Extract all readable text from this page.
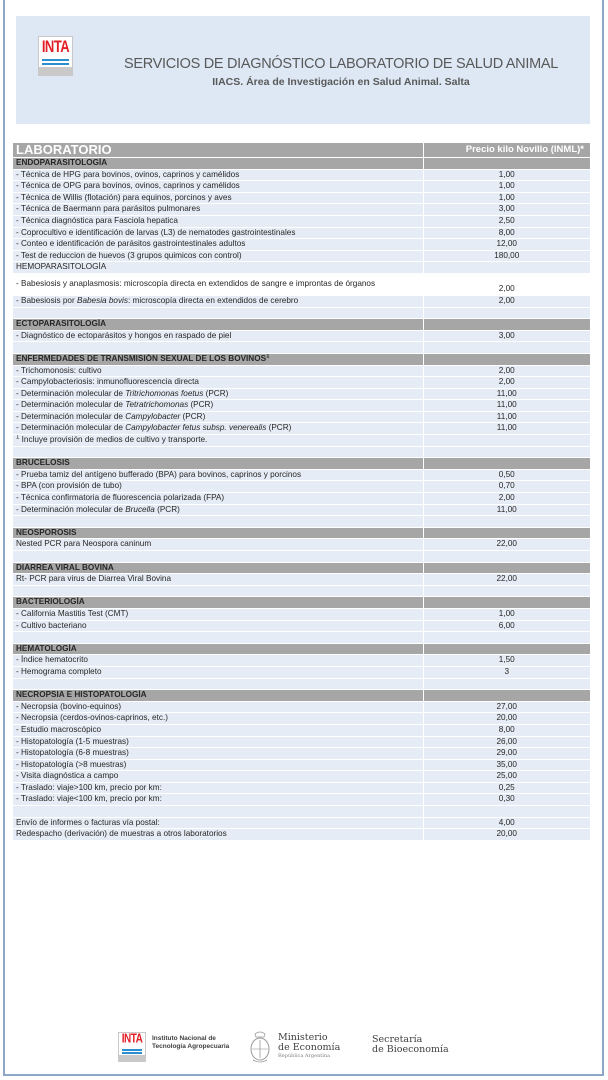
INTA
SERVICIOS DE DIAGNÓSTICO LABORATORIO DE SALUD ANIMAL
IIACS. Área de Investigación en Salud Animal. Salta
LABORATORIO	Precio kilo Novillo (INML)*
ENDOPARASITOLOGÍA	
- Técnica de HPG para bovinos, ovinos, caprinos y camélidos	1,00
- Técnica de OPG para bovinos, ovinos, caprinos y camélidos	1,00
- Técnica de Willis (flotación) para equinos, porcinos y aves	1,00
- Técnica de Baermann para parásitos pulmonares	3,00
- Técnica diagnóstica para Fasciola hepatica	2,50
- Coprocultivo e identificación de larvas (L3) de nematodes gastrointestinales	8,00
- Conteo e identificación de parásitos gastrointestinales adultos	12,00
- Test de reduccion de huevos (3 grupos quimicos con control)	180,00
HEMOPARASITOLOGÍA	
- Babesiosis y anaplasmosis: microscopía directa en extendidos de sangre e improntas de órganos	2,00
- Babesiosis por Babesia bovis: microscopía directa en extendidos de cerebro	2,00

ECTOPARASITOLOGÍA	
- Diagnóstico de ectoparásitos y hongos en raspado de piel	3,00

ENFERMEDADES DE TRANSMISIÓN SEXUAL DE LOS BOVINOS$^1$	
- Trichomonosis: cultivo	2,00
- Campylobacteriosis: inmunofluorescencia directa	2,00
- Determinación molecular de Tritrichomonas foetus (PCR)	11,00
- Determinación molecular de Tetratrichomonas (PCR)	11,00
- Determinación molecular de Campylobacter (PCR)	11,00
- Determinación molecular de Campylobacter fetus subsp. venerealis (PCR)	11,00
$^1$ Incluye provisión de medios de cultivo y transporte.	

BRUCELOSIS	
- Prueba tamiz del antígeno bufferado (BPA) para bovinos, caprinos y porcinos	0,50
- BPA (con provisión de tubo)	0,70
- Técnica confirmatoria de fluorescencia polarizada (FPA)	2,00
- Determinación molecular de Brucella (PCR)	11,00

NEOSPOROSIS	
Nested PCR para Neospora caninum	22,00

DIARREA VIRAL BOVINA	
Rt- PCR para virus de Diarrea Viral Bovina	22,00

BACTERIOLOGÍA	
- California Mastitis Test (CMT)	1,00
- Cultivo bacteriano	6,00

HEMATOLOGÍA	
- Índice hematocrito	1,50
- Hemograma completo	3

NECROPSIA E HISTOPATOLOGÍA	
- Necropsia (bovino-equinos)	27,00
- Necropsia (cerdos-ovinos-caprinos, etc.)	20,00
- Estudio macroscópico	8,00
- Histopatología (1-5 muestras)	26,00
- Histopatología (6-8 muestras)	29,00
- Histopatología (>8 muestras)	35,00
- Visita diagnóstica a campo	25,00
- Traslado: viaje>100 km, precio por km:	0,25
- Traslado: viaje<100 km, precio por km:	0,30

Envío de informes o facturas vía postal:	4,00
Redespacho (derivación) de muestras a otros laboratorios	20,00
INTA	Instituto Nacional de
Tecnología Agropecuaria
Ministerio
de Economía
República Argentina
Secretaría
de Bioeconomía
